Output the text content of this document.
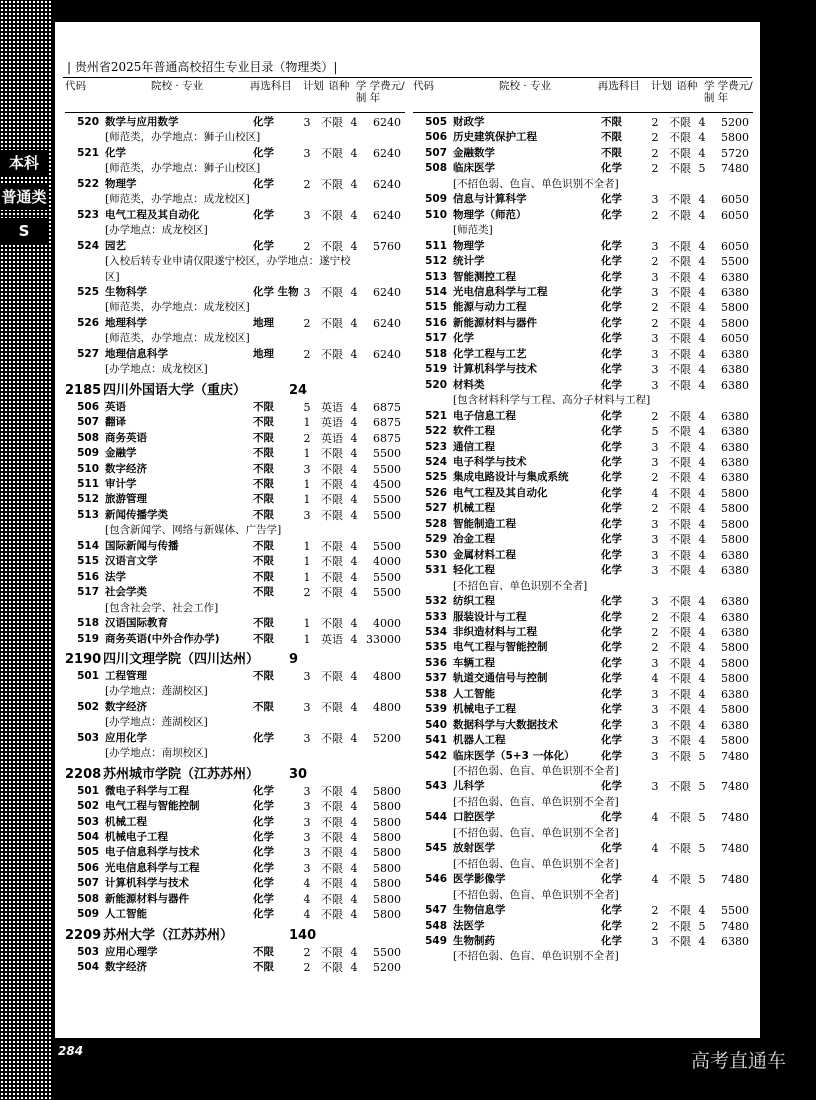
本科
普通类
S
| 贵州省2025年普通高校招生专业目录（物理类）|
代码	院校 · 专业	再选科目	计划 语种 学制
学费元/年
520 数学与应用数学	化学	3 不限 4	6240
[师范类，办学地点：狮子山校区]
521 化学	化学	3 不限 4	6240
[师范类，办学地点：狮子山校区]
522 物理学	化学	2 不限 4	6240
[师范类，办学地点：成龙校区]
523 电气工程及其自动化	化学	3 不限 4	6240
[办学地点：成龙校区]
524 园艺	化学	2 不限 4	5760
[入校后转专业申请仅限遂宁校区，办学地点：遂宁校区]
525 生物科学	化学 生物 3 不限 4	6240
[师范类，办学地点：成龙校区]
526 地理科学	地理	2 不限 4	6240
[师范类，办学地点：成龙校区]
527 地理信息科学	地理	2 不限 4	6240
[办学地点：成龙校区]
2185 四川外国语大学（重庆）	24
506 英语	不限	5 英语 4	6875
507 翻译	不限	1 英语 4	6875
508 商务英语	不限	2 英语 4	6875
509 金融学	不限	1 不限 4	5500
510 数字经济	不限	3 不限 4	5500
511 审计学	不限	1 不限 4	4500
512 旅游管理	不限	1 不限 4	5500
513 新闻传播学类	不限	3 不限 4	5500
[包含新闻学、网络与新媒体、广告学]
514 国际新闻与传播	不限	1 不限 4	5500
515 汉语言文学	不限	1 不限 4	4000
516 法学	不限	1 不限 4	5500
517 社会学类	不限	2 不限 4	5500
[包含社会学、社会工作]
518 汉语国际教育	不限	1 不限 4	4000
519 商务英语(中外合作办学)	不限	1 英语 4 33000
2190 四川文理学院（四川达州）	9
501 工程管理	不限	3 不限 4	4800
[办学地点：莲湖校区]
502 数字经济	不限	3 不限 4	4800
[办学地点：莲湖校区]
503 应用化学	化学	3 不限 4	5200
[办学地点：南坝校区]
2208 苏州城市学院（江苏苏州）	30
501 微电子科学与工程	化学	3 不限 4	5800
502 电气工程与智能控制	化学	3 不限 4	5800
503 机械工程	化学	3 不限 4	5800
504 机械电子工程	化学	3 不限 4	5800
505 电子信息科学与技术	化学	3 不限 4	5800
506 光电信息科学与工程	化学	3 不限 4	5800
507 计算机科学与技术	化学	4 不限 4	5800
508 新能源材料与器件	化学	4 不限 4	5800
509 人工智能	化学	4 不限 4	5800
2209 苏州大学（江苏苏州）	140
503 应用心理学	不限	2 不限 4	5500
504 数字经济	不限	2 不限 4	5200
代码	院校 · 专业	再选科目	计划 语种 学制
学费元/年
505 财政学	不限	2 不限 4	5200
506 历史建筑保护工程	不限	2 不限 4	5800
507 金融数学	不限	2 不限 4	5720
508 临床医学	化学	2 不限 5	7480
[不招色弱、色盲、单色识别不全者]
509 信息与计算科学	化学	3 不限 4	6050
510 物理学（师范）	化学	2 不限 4	6050
[师范类]
511 物理学	化学	3 不限 4	6050
512 统计学	化学	2 不限 4	5500
513 智能测控工程	化学	3 不限 4	6380
514 光电信息科学与工程	化学	3 不限 4	6380
515 能源与动力工程	化学	2 不限 4	5800
516 新能源材料与器件	化学	2 不限 4	5800
517 化学	化学	3 不限 4	6050
518 化学工程与工艺	化学	3 不限 4	6380
519 计算机科学与技术	化学	3 不限 4	6380
520 材料类	化学	3 不限 4	6380
[包含材料科学与工程、高分子材料与工程]
521 电子信息工程	化学	2 不限 4	6380
522 软件工程	化学	5 不限 4	6380
523 通信工程	化学	3 不限 4	6380
524 电子科学与技术	化学	3 不限 4	6380
525 集成电路设计与集成系统	化学	2 不限 4	6380
526 电气工程及其自动化	化学	4 不限 4	5800
527 机械工程	化学	2 不限 4	5800
528 智能制造工程	化学	3 不限 4	5800
529 冶金工程	化学	3 不限 4	5800
530 金属材料工程	化学	3 不限 4	6380
531 轻化工程	化学	3 不限 4	6380
[不招色盲、单色识别不全者]
532 纺织工程	化学	3 不限 4	6380
533 服装设计与工程	化学	2 不限 4	6380
534 非织造材料与工程	化学	2 不限 4	6380
535 电气工程与智能控制	化学	2 不限 4	5800
536 车辆工程	化学	3 不限 4	5800
537 轨道交通信号与控制	化学	4 不限 4	5800
538 人工智能	化学	3 不限 4	6380
539 机械电子工程	化学	3 不限 4	5800
540 数据科学与大数据技术	化学	3 不限 4	6380
541 机器人工程	化学	3 不限 4	5800
542 临床医学（5+3 一体化）	化学	3 不限 5	7480
[不招色弱、色盲、单色识别不全者]
543 儿科学	化学	3 不限 5	7480
[不招色弱、色盲、单色识别不全者]
544 口腔医学	化学	4 不限 5	7480
[不招色弱、色盲、单色识别不全者]
545 放射医学	化学	4 不限 5	7480
[不招色弱、色盲、单色识别不全者]
546 医学影像学	化学	4 不限 5	7480
[不招色弱、色盲、单色识别不全者]
547 生物信息学	化学	2 不限 4	5500
548 法医学	化学	2 不限 5	7480
549 生物制药	化学	3 不限 4	6380
[不招色弱、色盲、单色识别不全者]
284	高考直通车
